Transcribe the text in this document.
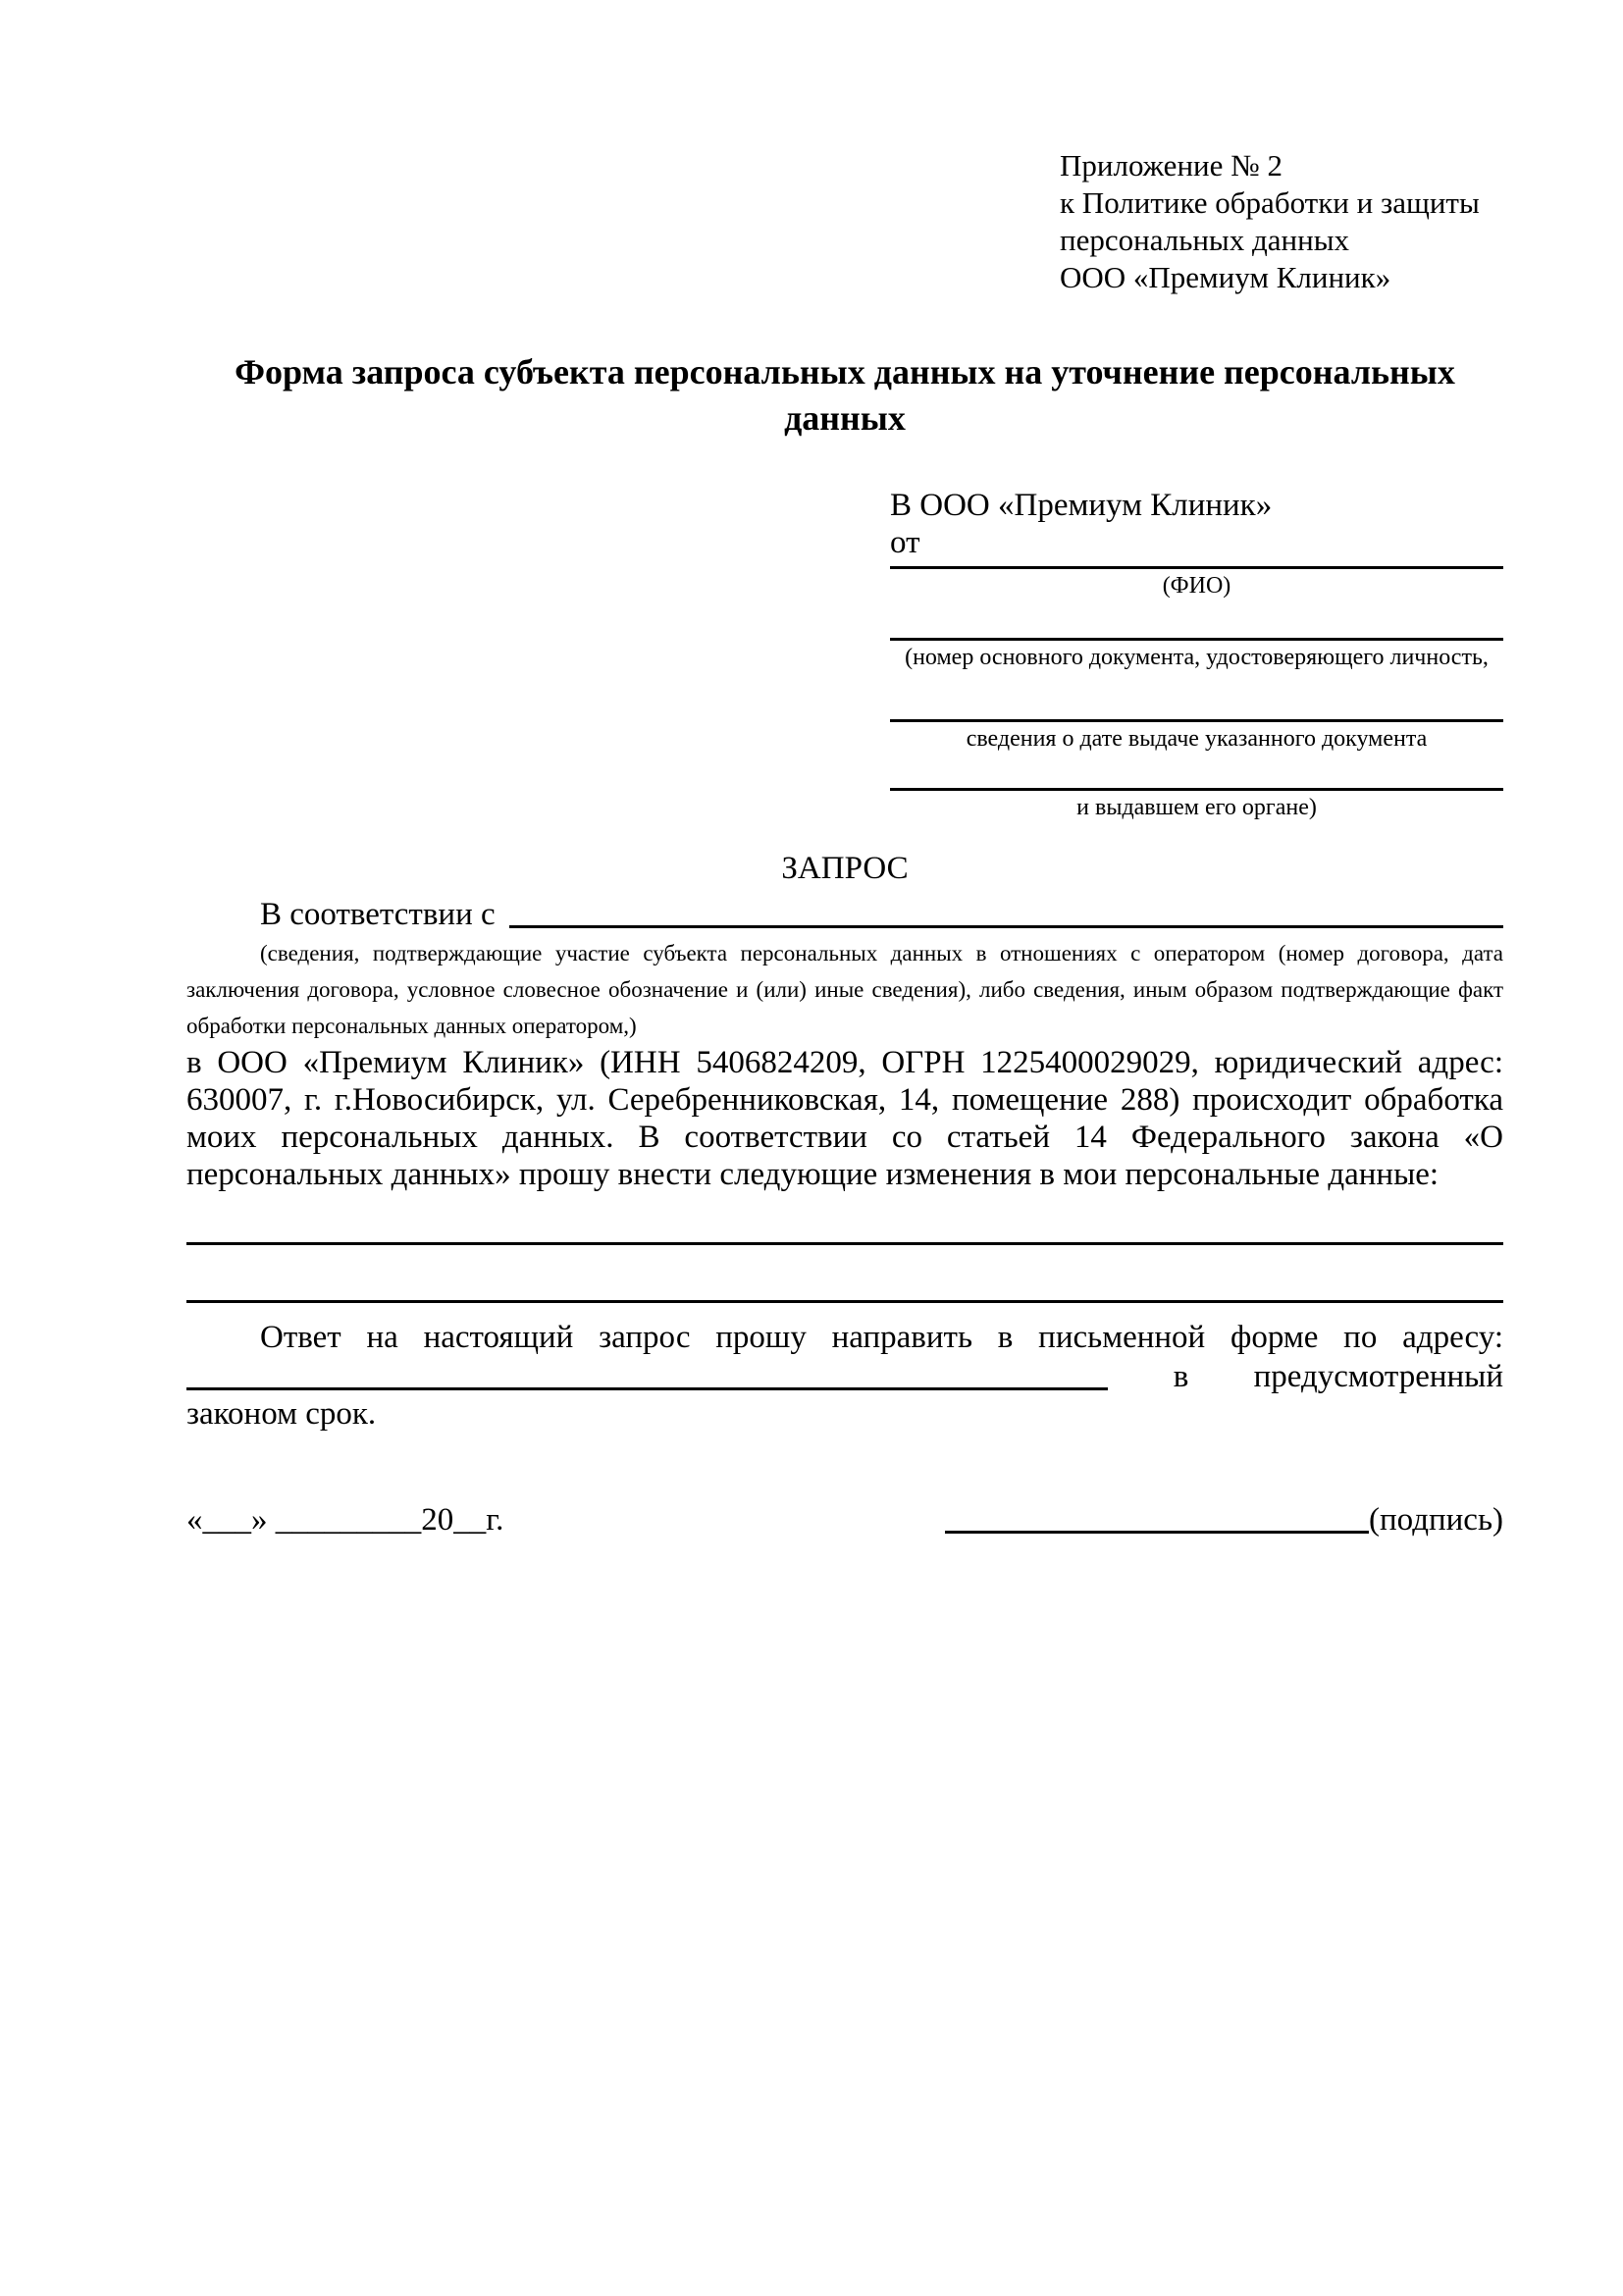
Приложение № 2
к Политике обработки и защиты
персональных данных
ООО «Премиум Клиник»
Форма запроса субъекта персональных данных на уточнение персональных данных
В ООО «Премиум Клиник»
от
(ФИО)
(номер основного документа, удостоверяющего личность,
сведения о дате выдаче указанного документа
и выдавшем его органе)
ЗАПРОС
В соответствии с

(сведения, подтверждающие участие субъекта персональных данных в отношениях с оператором (номер договора, дата заключения договора, условное словесное обозначение и (или) иные сведения), либо сведения, иным образом подтверждающие факт обработки персональных данных оператором,)

в ООО «Премиум Клиник» (ИНН 5406824209, ОГРН 1225400029029, юридический адрес: 630007, г. г.Новосибирск, ул. Серебренниковская, 14, помещение 288) происходит обработка моих персональных данных. В соответствии со статьей 14 Федерального закона «О персональных данных» прошу внести следующие изменения в мои персональные данные:

Ответ на настоящий запрос прошу направить в письменной форме по адресу:

в предусмотренный

законом срок.

«___» _________20__г.	(подпись)
